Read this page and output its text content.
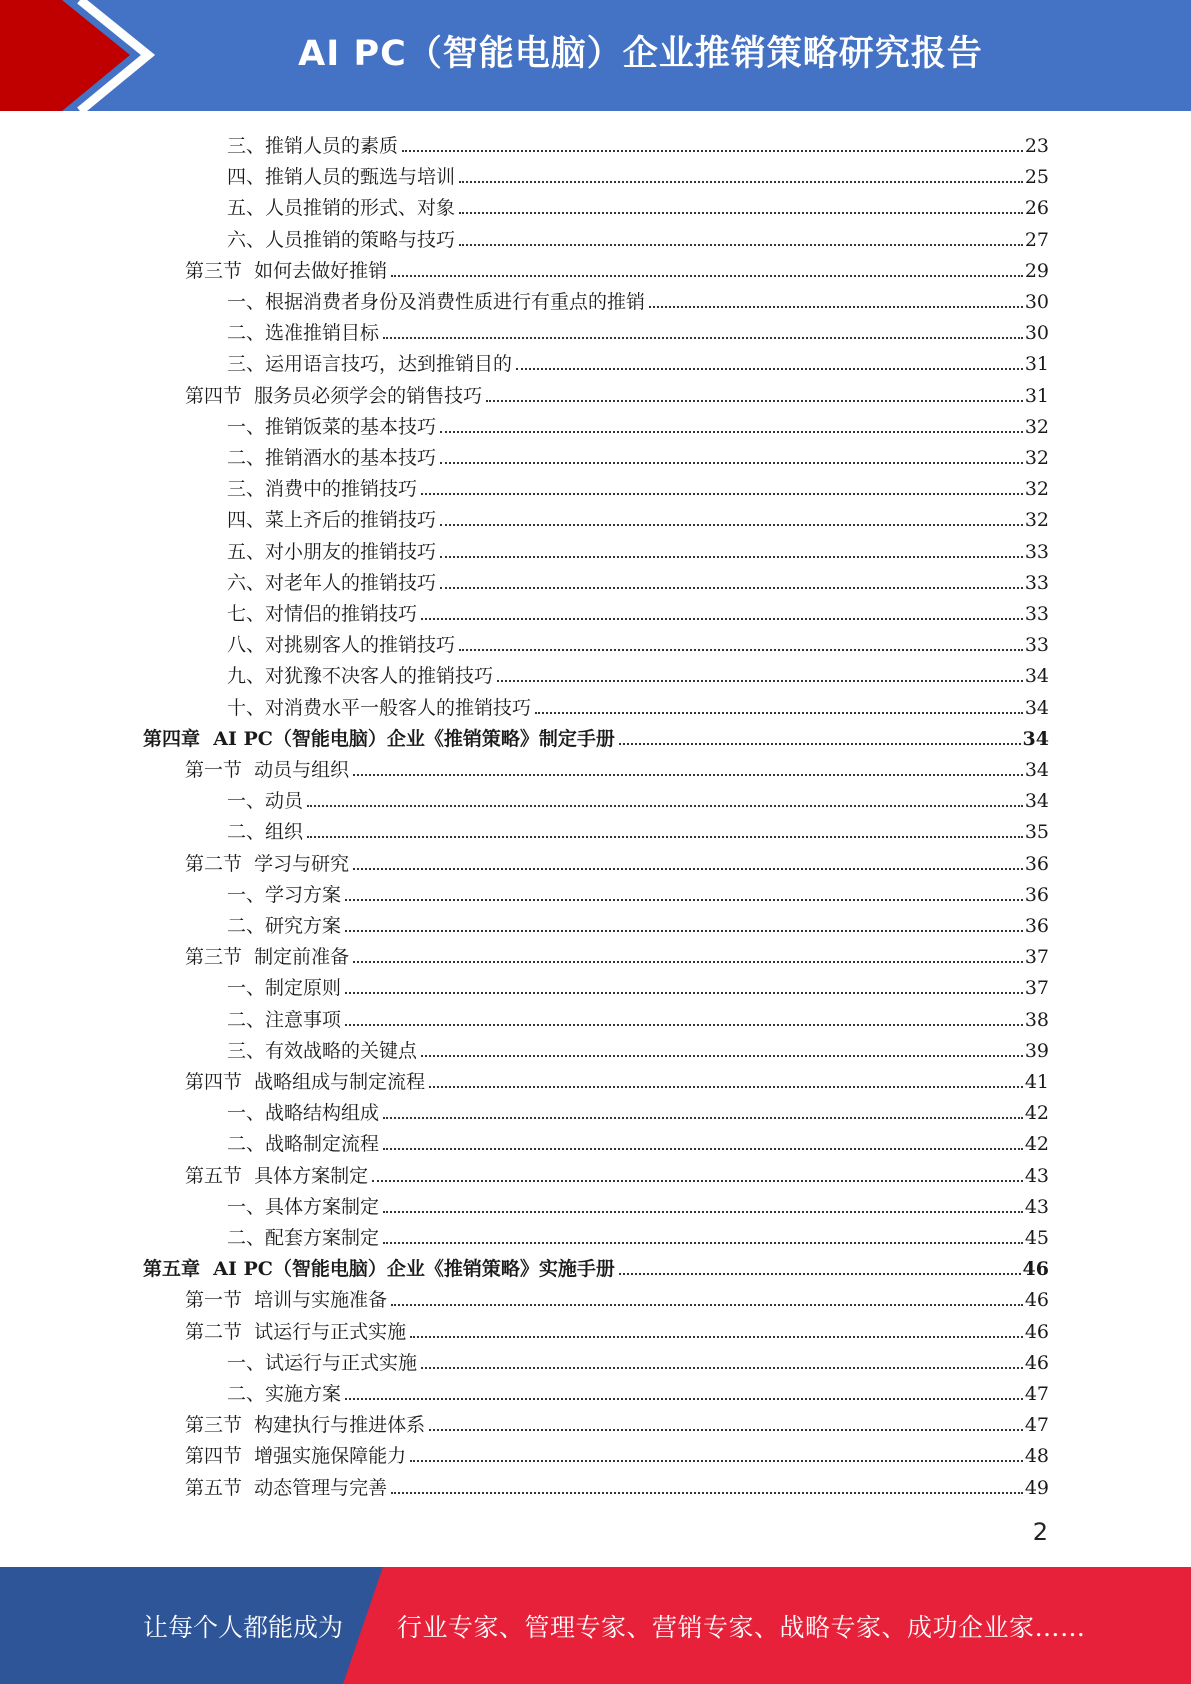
AI PC（智能电脑）企业推销策略研究报告
三、推销人员的素质	23
四、推销人员的甄选与培训	25
五、人员推销的形式、对象	26
六、人员推销的策略与技巧	27
第三节  如何去做好推销	29
一、根据消费者身份及消费性质进行有重点的推销	30
二、选准推销目标	30
三、运用语言技巧，达到推销目的	31
第四节  服务员必须学会的销售技巧	31
一、推销饭菜的基本技巧	32
二、推销酒水的基本技巧	32
三、消费中的推销技巧	32
四、菜上齐后的推销技巧	32
五、对小朋友的推销技巧	33
六、对老年人的推销技巧	33
七、对情侣的推销技巧	33
八、对挑剔客人的推销技巧	33
九、对犹豫不决客人的推销技巧	34
十、对消费水平一般客人的推销技巧	34
第四章  AI PC（智能电脑）企业《推销策略》制定手册	34
第一节  动员与组织	34
一、动员	34
二、组织	35
第二节  学习与研究	36
一、学习方案	36
二、研究方案	36
第三节  制定前准备	37
一、制定原则	37
二、注意事项	38
三、有效战略的关键点	39
第四节  战略组成与制定流程	41
一、战略结构组成	42
二、战略制定流程	42
第五节  具体方案制定	43
一、具体方案制定	43
二、配套方案制定	45
第五章  AI PC（智能电脑）企业《推销策略》实施手册	46
第一节  培训与实施准备	46
第二节  试运行与正式实施	46
一、试运行与正式实施	46
二、实施方案	47
第三节  构建执行与推进体系	47
第四节  增强实施保障能力	48
第五节  动态管理与完善	49
2
让每个人都能成为 行业专家、管理专家、营销专家、战略专家、成功企业家……
